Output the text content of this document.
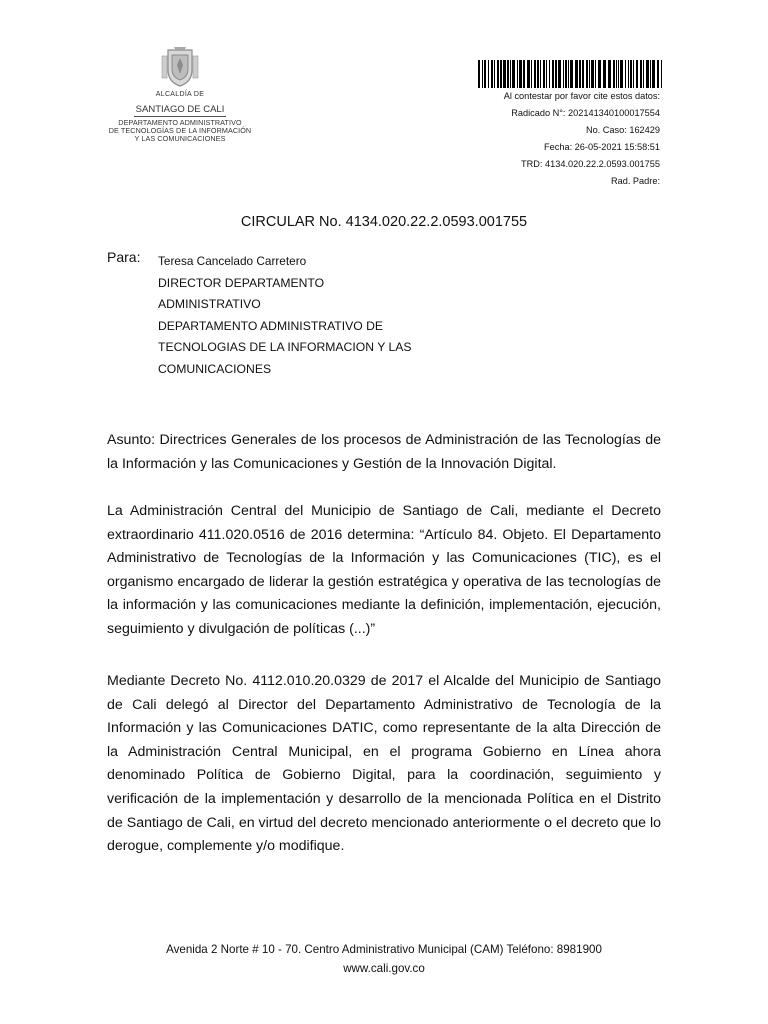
ALCALDÍA DE
SANTIAGO DE CALI
DEPARTAMENTO ADMINISTRATIVO
DE TECNOLOGÍAS DE LA INFORMACIÓN
Y LAS COMUNICACIONES
Al contestar por favor cite estos datos:
Radicado N°: 202141340100017554
No. Caso: 162429
Fecha: 26-05-2021 15:58:51
TRD: 4134.020.22.2.0593.001755
Rad. Padre:
CIRCULAR No. 4134.020.22.2.0593.001755
Para: Teresa Cancelado Carretero
DIRECTOR DEPARTAMENTO
ADMINISTRATIVO
DEPARTAMENTO ADMINISTRATIVO DE
TECNOLOGIAS DE LA INFORMACION Y LAS
COMUNICACIONES
Asunto: Directrices Generales de los procesos de Administración de las Tecnologías de la Información y las Comunicaciones y Gestión de la Innovación Digital.
La Administración Central del Municipio de Santiago de Cali, mediante el Decreto extraordinario 411.020.0516 de 2016 determina: “Artículo 84. Objeto. El Departamento Administrativo de Tecnologías de la Información y las Comunicaciones (TIC), es el organismo encargado de liderar la gestión estratégica y operativa de las tecnologías de la información y las comunicaciones mediante la definición, implementación, ejecución, seguimiento y divulgación de políticas (...)”
Mediante Decreto No. 4112.010.20.0329 de 2017 el Alcalde del Municipio de Santiago de Cali delegó al Director del Departamento Administrativo de Tecnología de la Información y las Comunicaciones DATIC, como representante de la alta Dirección de la Administración Central Municipal, en el programa Gobierno en Línea ahora denominado Política de Gobierno Digital, para la coordinación, seguimiento y verificación de la implementación y desarrollo de la mencionada Política en el Distrito de Santiago de Cali, en virtud del decreto mencionado anteriormente o el decreto que lo derogue, complemente y/o modifique.
Avenida 2 Norte # 10 - 70. Centro Administrativo Municipal (CAM) Teléfono: 8981900
www.cali.gov.co
